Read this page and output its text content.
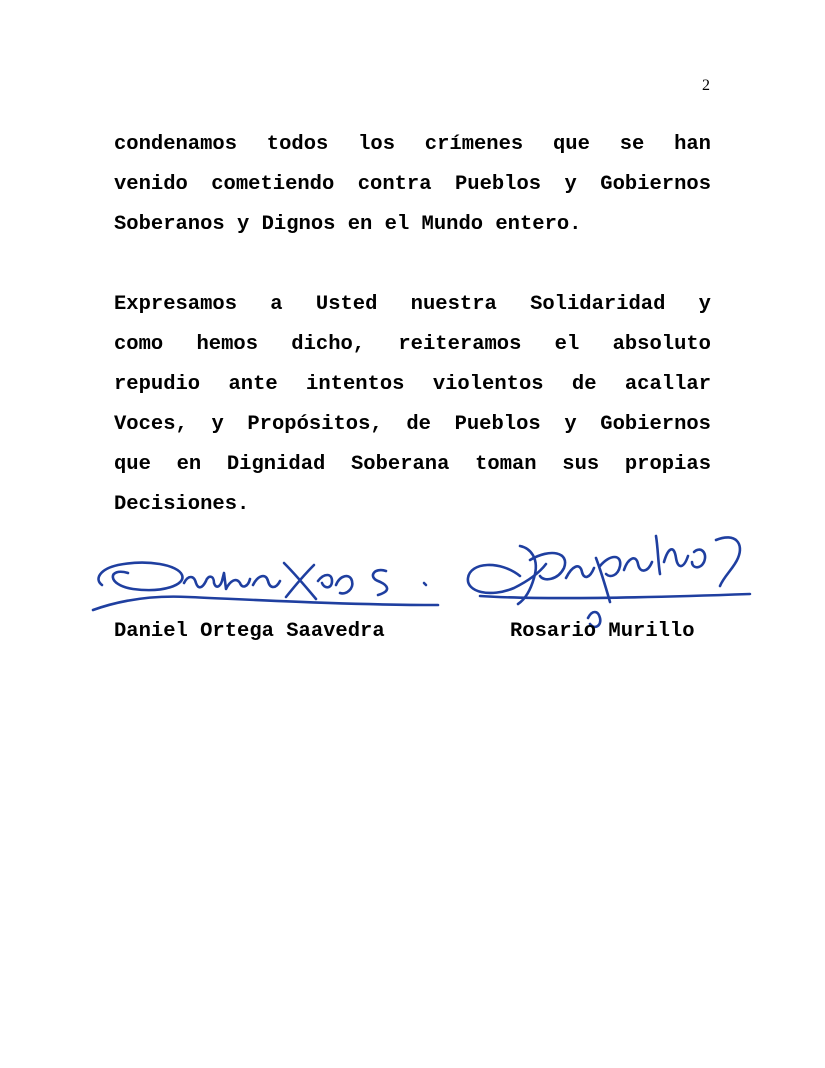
2
condenamos todos los crímenes que se han
venido cometiendo contra Pueblos y Gobiernos
Soberanos y Dignos en el Mundo entero.
Expresamos a Usted nuestra Solidaridad y
como hemos dicho, reiteramos el absoluto
repudio ante intentos violentos de acallar
Voces, y Propósitos, de Pueblos y Gobiernos
que en Dignidad Soberana toman sus propias
Decisiones.
Daniel Ortega Saavedra	Rosario Murillo
